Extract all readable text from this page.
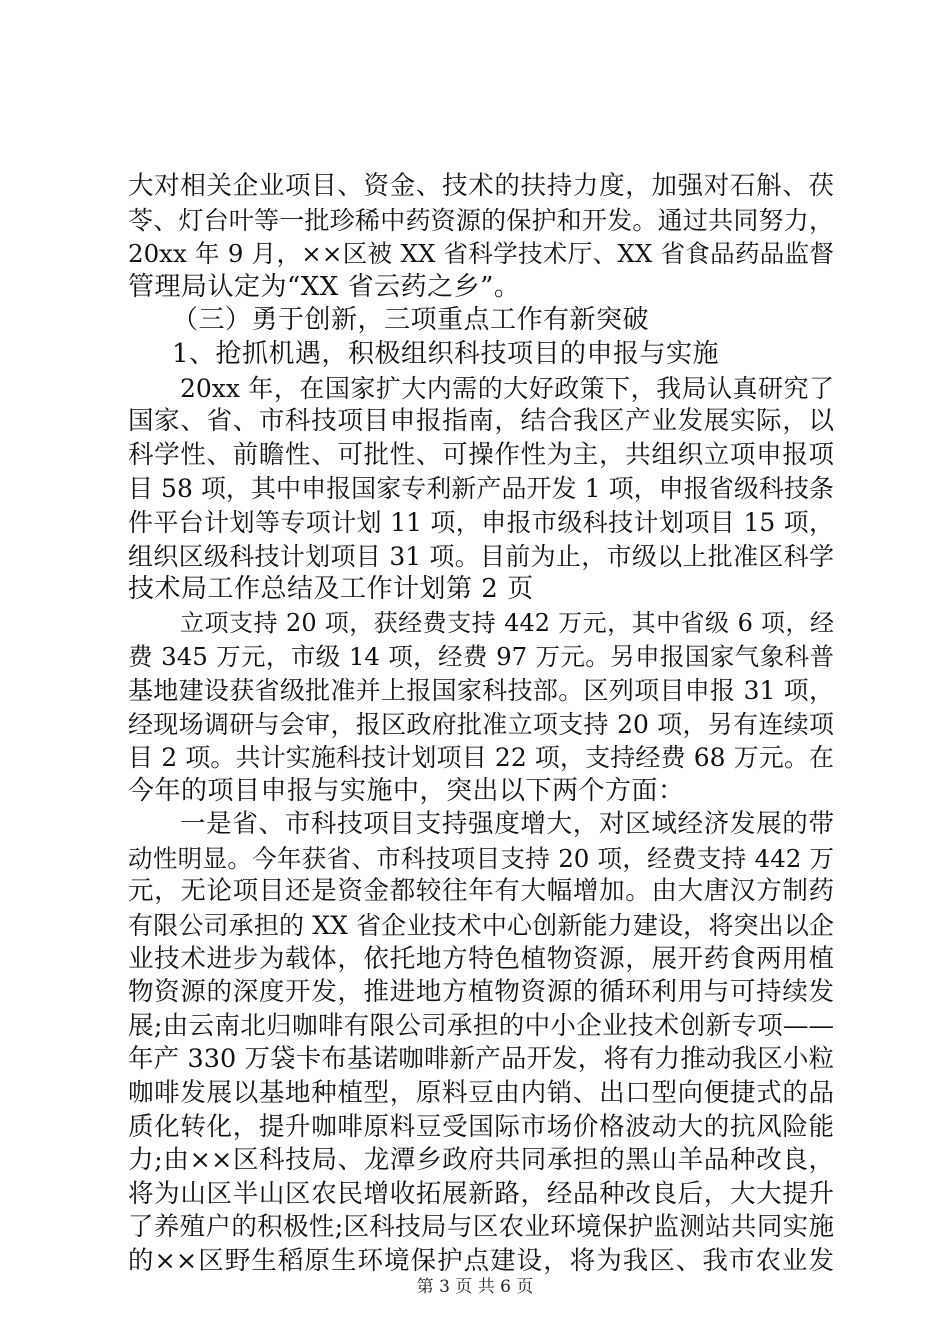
大对相关企业项目、资金、技术的扶持力度，加强对石斛、茯
苓、灯台叶等一批珍稀中药资源的保护和开发。通过共同努力，
20xx 年 9 月，××区被 XX 省科学技术厅、XX 省食品药品监督
管理局认定为“XX 省云药之乡”。
（三）勇于创新，三项重点工作有新突破
1、抢抓机遇，积极组织科技项目的申报与实施
20xx 年，在国家扩大内需的大好政策下，我局认真研究了
国家、省、市科技项目申报指南，结合我区产业发展实际，以
科学性、前瞻性、可批性、可操作性为主，共组织立项申报项
目 58 项，其中申报国家专利新产品开发 1 项，申报省级科技条
件平台计划等专项计划 11 项，申报市级科技计划项目 15 项，
组织区级科技计划项目 31 项。目前为止，市级以上批准区科学
技术局工作总结及工作计划第 2 页
立项支持 20 项，获经费支持 442 万元，其中省级 6 项，经
费 345 万元，市级 14 项，经费 97 万元。另申报国家气象科普
基地建设获省级批准并上报国家科技部。区列项目申报 31 项，
经现场调研与会审，报区政府批准立项支持 20 项，另有连续项
目 2 项。共计实施科技计划项目 22 项，支持经费 68 万元。在
今年的项目申报与实施中，突出以下两个方面：
一是省、市科技项目支持强度增大，对区域经济发展的带
动性明显。今年获省、市科技项目支持 20 项，经费支持 442 万
元，无论项目还是资金都较往年有大幅增加。由大唐汉方制药
有限公司承担的 XX 省企业技术中心创新能力建设，将突出以企
业技术进步为载体，依托地方特色植物资源，展开药食两用植
物资源的深度开发，推进地方植物资源的循环利用与可持续发
展;由云南北归咖啡有限公司承担的中小企业技术创新专项——
年产 330 万袋卡布基诺咖啡新产品开发，将有力推动我区小粒
咖啡发展以基地种植型，原料豆由内销、出口型向便捷式的品
质化转化，提升咖啡原料豆受国际市场价格波动大的抗风险能
力;由××区科技局、龙潭乡政府共同承担的黑山羊品种改良，
将为山区半山区农民增收拓展新路，经品种改良后，大大提升
了养殖户的积极性;区科技局与区农业环境保护监测站共同实施
的××区野生稻原生环境保护点建设，将为我区、我市农业发
第 3 页 共 6 页
